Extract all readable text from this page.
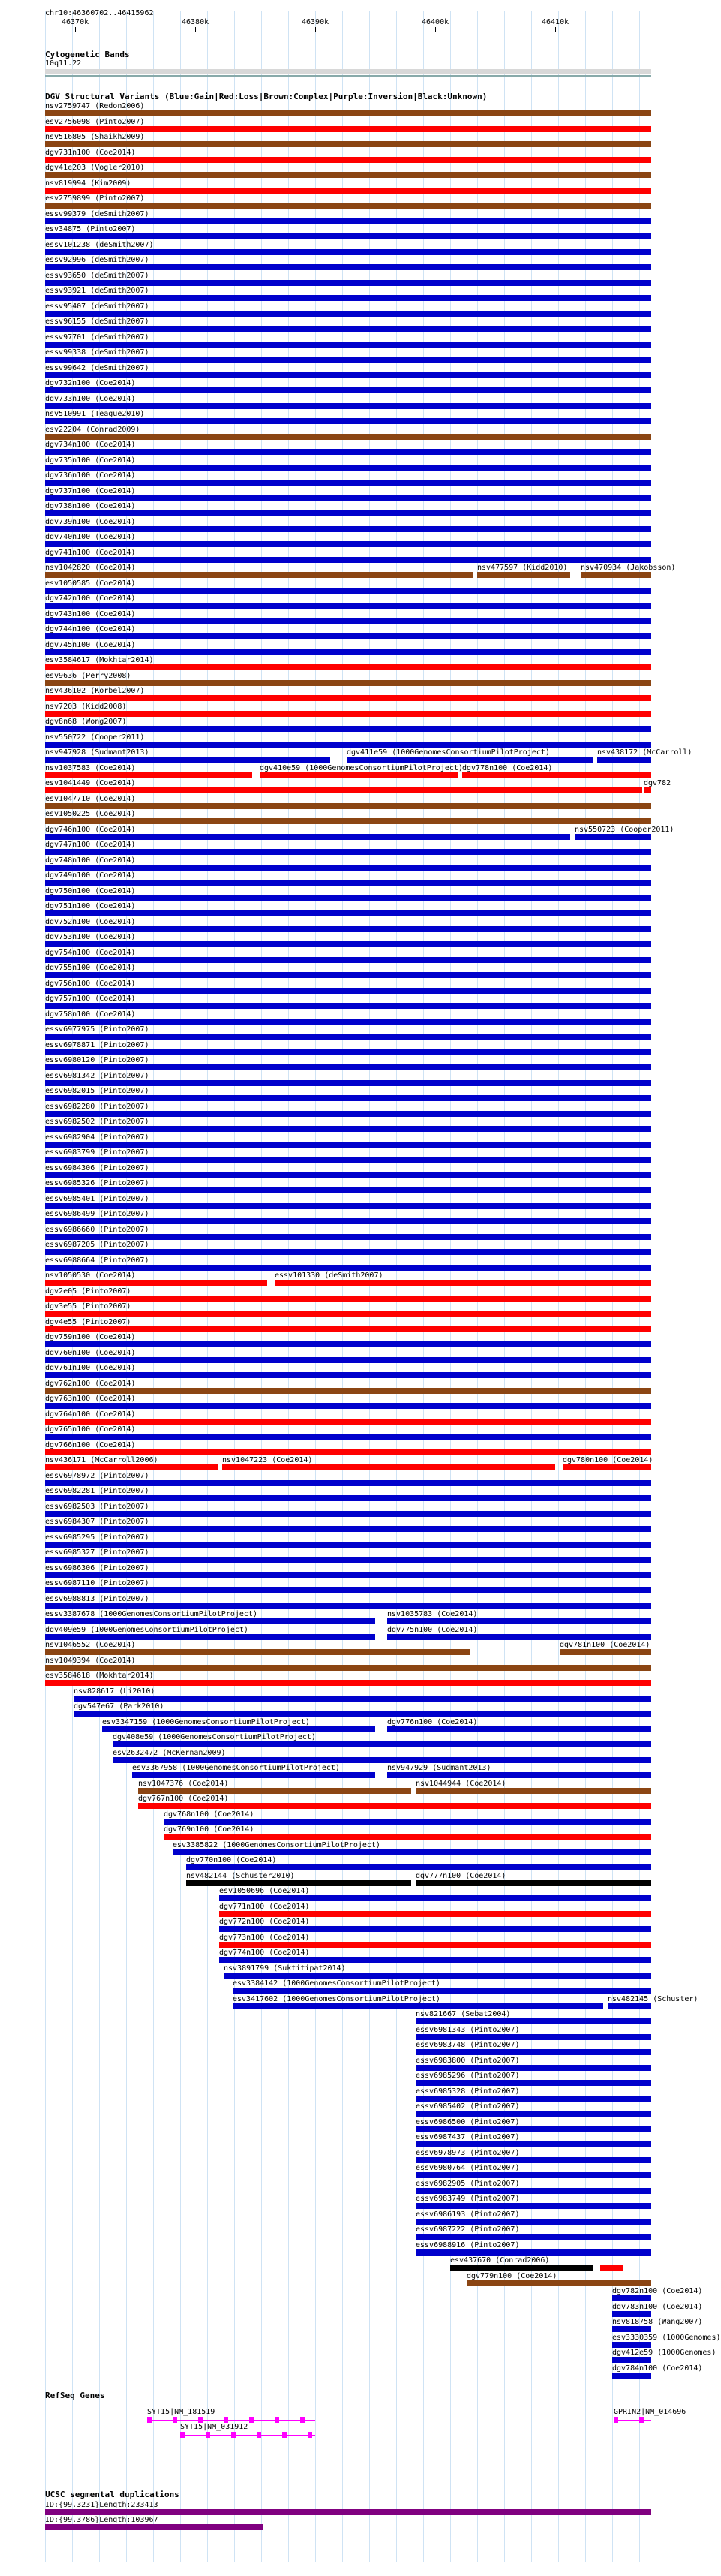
chr10:46360702..46415962
46370k	46380k	46390k	46400k	46410k
Cytogenetic Bands
10q11.22
DGV Structural Variants (Blue:Gain|Red:Loss|Brown:Complex|Purple:Inversion|Black:Unknown)
nsv2759747 (Redon2006)
esv2756098 (Pinto2007)
nsv516805 (Shaikh2009)
dgv731n100 (Coe2014)
dgv41e203 (Vogler2010)
nsv819994 (Kim2009)
esv2759899 (Pinto2007)
essv99379 (deSmith2007)
esv34875 (Pinto2007)
essv101238 (deSmith2007)
essv92996 (deSmith2007)
essv93650 (deSmith2007)
essv93921 (deSmith2007)
essv95407 (deSmith2007)
essv96155 (deSmith2007)
essv97701 (deSmith2007)
essv99338 (deSmith2007)
essv99642 (deSmith2007)
dgv732n100 (Coe2014)
dgv733n100 (Coe2014)
nsv510991 (Teague2010)
esv22204 (Conrad2009)
dgv734n100 (Coe2014)
dgv735n100 (Coe2014)
dgv736n100 (Coe2014)
dgv737n100 (Coe2014)
dgv738n100 (Coe2014)
dgv739n100 (Coe2014)
dgv740n100 (Coe2014)
dgv741n100 (Coe2014)
nsv1042820 (Coe2014)	nsv477597 (Kidd2010) nsv470934 (Jakobsson)
esv1050585 (Coe2014)
dgv742n100 (Coe2014)
dgv743n100 (Coe2014)
dgv744n100 (Coe2014)
dgv745n100 (Coe2014)
esv3584617 (Mokhtar2014)
esv9636 (Perry2008)
nsv436102 (Korbel2007)
nsv7203 (Kidd2008)
dgv8n68 (Wong2007)
nsv550722 (Cooper2011)
nsv947928 (Sudmant2013)	dgv411e59 (1000GenomesConsortiumPilotProject)	nsv438172 (McCarroll)
nsv1037583 (Coe2014)	dgv410e59 (1000GenomesConsortiumPilotProject) dgv778n100 (Coe2014)
esv1041449 (Coe2014)	dgv782
esv1047710 (Coe2014)
esv1050225 (Coe2014)
dgv746n100 (Coe2014)	nsv550723 (Cooper2011)
dgv747n100 (Coe2014)
dgv748n100 (Coe2014)
dgv749n100 (Coe2014)
dgv750n100 (Coe2014)
dgv751n100 (Coe2014)
dgv752n100 (Coe2014)
dgv753n100 (Coe2014)
dgv754n100 (Coe2014)
dgv755n100 (Coe2014)
dgv756n100 (Coe2014)
dgv757n100 (Coe2014)
dgv758n100 (Coe2014)
essv6977975 (Pinto2007)
essv6978871 (Pinto2007)
essv6980120 (Pinto2007)
essv6981342 (Pinto2007)
essv6982015 (Pinto2007)
essv6982280 (Pinto2007)
essv6982502 (Pinto2007)
essv6982904 (Pinto2007)
essv6983799 (Pinto2007)
essv6984306 (Pinto2007)
essv6985326 (Pinto2007)
essv6985401 (Pinto2007)
essv6986499 (Pinto2007)
essv6986660 (Pinto2007)
essv6987205 (Pinto2007)
essv6988664 (Pinto2007)
nsv1050530 (Coe2014)	essv101330 (deSmith2007)
dgv2e05 (Pinto2007)
dgv3e55 (Pinto2007)
dgv4e55 (Pinto2007)
dgv759n100 (Coe2014)
dgv760n100 (Coe2014)
dgv761n100 (Coe2014)
dgv762n100 (Coe2014)
dgv763n100 (Coe2014)
dgv764n100 (Coe2014)
dgv765n100 (Coe2014)
dgv766n100 (Coe2014)
nsv436171 (McCarroll2006)	nsv1047223 (Coe2014)	dgv780n100 (Coe2014)
essv6978972 (Pinto2007)
essv6982281 (Pinto2007)
essv6982503 (Pinto2007)
essv6984307 (Pinto2007)
essv6985295 (Pinto2007)
essv6985327 (Pinto2007)
essv6986306 (Pinto2007)
essv6987110 (Pinto2007)
essv6988813 (Pinto2007)
essv3387678 (1000GenomesConsortiumPilotProject)	nsv1035783 (Coe2014)
dgv409e59 (1000GenomesConsortiumPilotProject)	dgv775n100 (Coe2014)
nsv1046552 (Coe2014)	dgv781n100 (Coe2014)
nsv1049394 (Coe2014)
esv3584618 (Mokhtar2014)
nsv828617 (Li2010)
dgv547e67 (Park2010)
esv3347159 (1000GenomesConsortiumPilotProject)	dgv776n100 (Coe2014)
dgv408e59 (1000GenomesConsortiumPilotProject)
esv2632472 (McKernan2009)
esv3367958 (1000GenomesConsortiumPilotProject)	nsv947929 (Sudmant2013)
nsv1047376 (Coe2014)	nsv1044944 (Coe2014)
dgv767n100 (Coe2014)
dgv768n100 (Coe2014)
dgv769n100 (Coe2014)
esv3385822 (1000GenomesConsortiumPilotProject)
dgv770n100 (Coe2014)
nsv482144 (Schuster2010)	dgv777n100 (Coe2014)
esv1050696 (Coe2014)
dgv771n100 (Coe2014)
dgv772n100 (Coe2014)
dgv773n100 (Coe2014)
dgv774n100 (Coe2014)
nsv3891799 (Suktitipat2014)
esv3384142 (1000GenomesConsortiumPilotProject)
esv3417602 (1000GenomesConsortiumPilotProject)	nsv482145 (Schuster)
nsv821667 (Sebat2004)
essv6981343 (Pinto2007)
essv6983748 (Pinto2007)
essv6983800 (Pinto2007)
essv6985296 (Pinto2007)
essv6985328 (Pinto2007)
essv6985402 (Pinto2007)
essv6986500 (Pinto2007)
essv6987437 (Pinto2007)
essv6978973 (Pinto2007)
essv6980764 (Pinto2007)
essv6982905 (Pinto2007)
essv6983749 (Pinto2007)
essv6986193 (Pinto2007)
essv6987222 (Pinto2007)
essv6988916 (Pinto2007)
esv437670 (Conrad2006)
dgv779n100 (Coe2014)
dgv782n100 (Coe2014)
dgv783n100 (Coe2014)
nsv818758 (Wang2007)
esv3330359 (1000Genomes)
dgv412e59 (1000Genomes)
dgv784n100 (Coe2014)
RefSeq Genes
SYT15|NM_181519
SYT15|NM_031912
GPRIN2|NM_014696
UCSC segmental duplications
ID:{99.3231}Length:233413
ID:{99.3786}Length:103967
